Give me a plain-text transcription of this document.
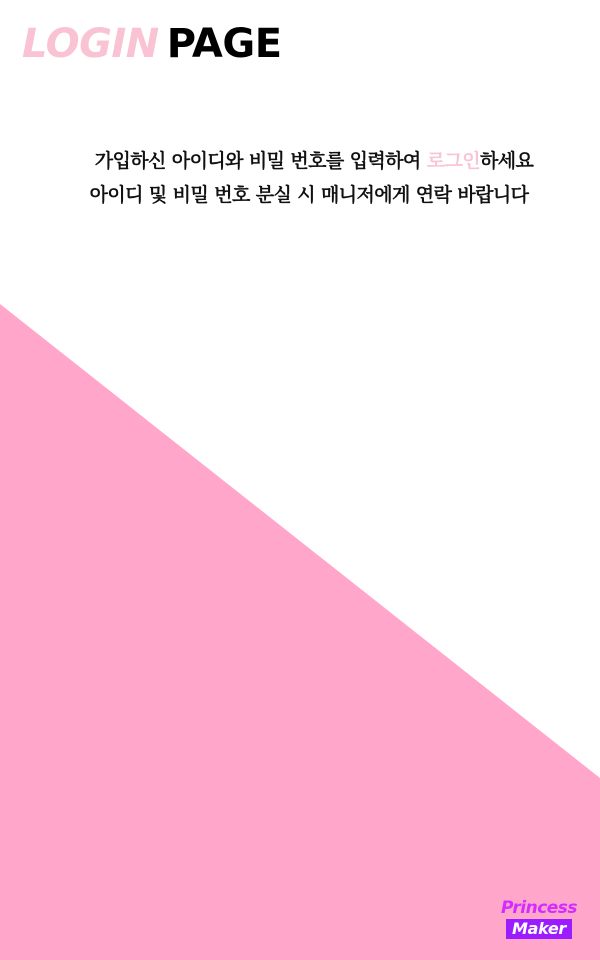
LOGIN PAGE
가입하신 아이디와 비밀 번호를 입력하여 로그인하세요
아이디 및 비밀 번호 분실 시 매니저에게 연락 바랍니다
Princess
Maker
